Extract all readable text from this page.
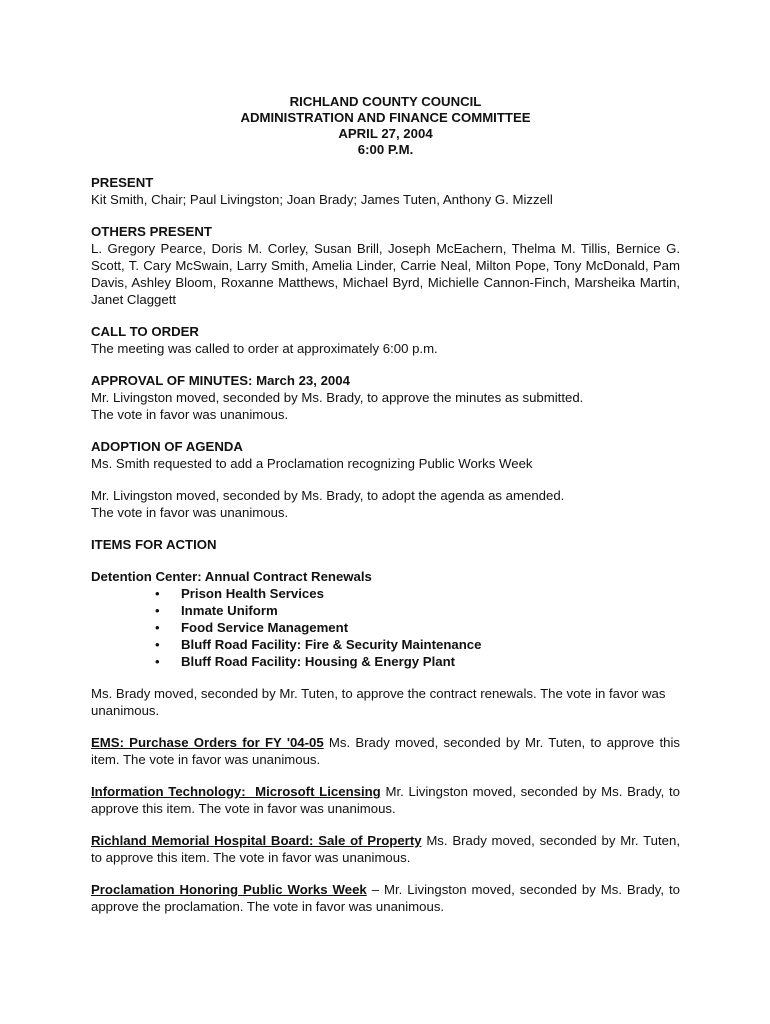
RICHLAND COUNTY COUNCIL
ADMINISTRATION AND FINANCE COMMITTEE
APRIL 27, 2004
6:00 P.M.
PRESENT
Kit Smith, Chair; Paul Livingston; Joan Brady; James Tuten, Anthony G. Mizzell
OTHERS PRESENT
L. Gregory Pearce, Doris M. Corley, Susan Brill, Joseph McEachern, Thelma M. Tillis, Bernice G. Scott, T. Cary McSwain, Larry Smith, Amelia Linder, Carrie Neal, Milton Pope, Tony McDonald, Pam Davis, Ashley Bloom, Roxanne Matthews, Michael Byrd, Michielle Cannon-Finch, Marsheika Martin, Janet Claggett
CALL TO ORDER
The meeting was called to order at approximately 6:00 p.m.
APPROVAL OF MINUTES: March 23, 2004
Mr. Livingston moved, seconded by Ms. Brady, to approve the minutes as submitted.
The vote in favor was unanimous.
ADOPTION OF AGENDA
Ms. Smith requested to add a Proclamation recognizing Public Works Week
Mr. Livingston moved, seconded by Ms. Brady, to adopt the agenda as amended.
The vote in favor was unanimous.
ITEMS FOR ACTION
Detention Center: Annual Contract Renewals
• Prison Health Services
• Inmate Uniform
• Food Service Management
• Bluff Road Facility: Fire & Security Maintenance
• Bluff Road Facility: Housing & Energy Plant
Ms. Brady moved, seconded by Mr. Tuten, to approve the contract renewals. The vote in favor was unanimous.
EMS: Purchase Orders for FY '04-05 Ms. Brady moved, seconded by Mr. Tuten, to approve this item. The vote in favor was unanimous.
Information Technology:  Microsoft Licensing Mr. Livingston moved, seconded by Ms. Brady, to approve this item. The vote in favor was unanimous.
Richland Memorial Hospital Board: Sale of Property Ms. Brady moved, seconded by Mr. Tuten, to approve this item. The vote in favor was unanimous.
Proclamation Honoring Public Works Week – Mr. Livingston moved, seconded by Ms. Brady, to approve the proclamation. The vote in favor was unanimous.
